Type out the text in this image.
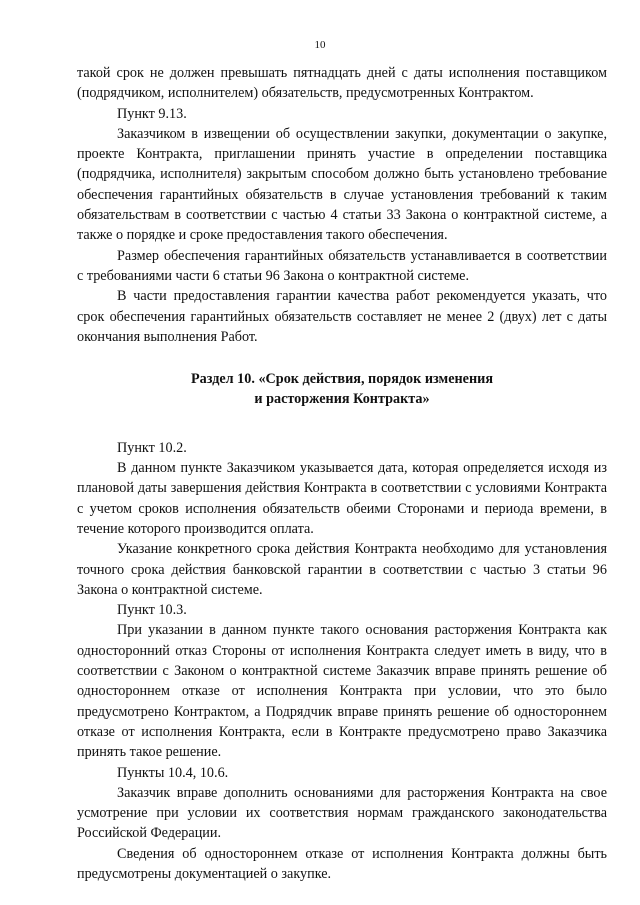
10

такой срок не должен превышать пятнадцать дней с даты исполнения поставщиком (подрядчиком, исполнителем) обязательств, предусмотренных Контрактом.

Пункт 9.13.

Заказчиком в извещении об осуществлении закупки, документации о закупке, проекте Контракта, приглашении принять участие в определении поставщика (подрядчика, исполнителя) закрытым способом должно быть установлено требование обеспечения гарантийных обязательств в случае установления требований к таким обязательствам в соответствии с частью 4 статьи 33 Закона о контрактной системе, а также о порядке и сроке предоставления такого обеспечения.

Размер обеспечения гарантийных обязательств устанавливается в соответствии с требованиями части 6 статьи 96 Закона о контрактной системе.

В части предоставления гарантии качества работ рекомендуется указать, что срок обеспечения гарантийных обязательств составляет не менее 2 (двух) лет с даты окончания выполнения Работ.

Раздел 10. «Срок действия, порядок изменения
и расторжения Контракта»

Пункт 10.2.

В данном пункте Заказчиком указывается дата, которая определяется исходя из плановой даты завершения действия Контракта в соответствии с условиями Контракта с учетом сроков исполнения обязательств обеими Сторонами и периода времени, в течение которого производится оплата.

Указание конкретного срока действия Контракта необходимо для установления точного срока действия банковской гарантии в соответствии с частью 3 статьи 96 Закона о контрактной системе.

Пункт 10.3.

При указании в данном пункте такого основания расторжения Контракта как односторонний отказ Стороны от исполнения Контракта следует иметь в виду, что в соответствии с Законом о контрактной системе Заказчик вправе принять решение об одностороннем отказе от исполнения Контракта при условии, что это было предусмотрено Контрактом, а Подрядчик вправе принять решение об одностороннем отказе от исполнения Контракта, если в Контракте предусмотрено право Заказчика принять такое решение.

Пункты 10.4, 10.6.

Заказчик вправе дополнить основаниями для расторжения Контракта на свое усмотрение при условии их соответствия нормам гражданского законодательства Российской Федерации.

Сведения об одностороннем отказе от исполнения Контракта должны быть предусмотрены документацией о закупке.
